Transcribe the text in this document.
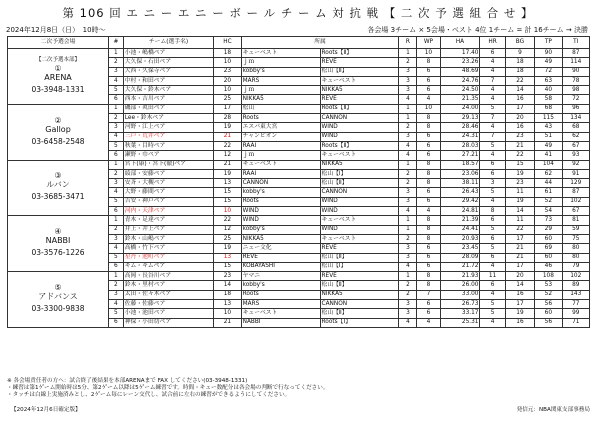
第 106 回 エ ニ ー エ ニ ー ボ ー ル チ ー ム 対 抗 戦 【 二 次 予 選 組 合 せ 】
2024年12月8日（日）　10時～	各会場 3チーム × 5会場・ベスト 4位 1チーム = 計 16チーム → 決勝
二次予選会場	#	チーム(選手名)	HC	所属		R	WP	HA	HR	BG	TP	TI

【二次予選本部】
①
ARENA
03-3948-1331	1	小池・嶋橋ペア	18	キューベスト	Roots【Ⅱ】	1	10	17.40	6	9	90	87
	2	大久保・石田ペア	10	ｊｍ	REVE	2	8	23.26	4	18	49	114
	3	大西・久保寺ペア	23	kobby's	松山【Ⅱ】	3	6	48.69	4	18	72	90
	4	中村・和田ペア	20	MARS	キューベスト	3	6	24.76	7	22	63	78
	5	大久保・鈴木ペア	10	ｊｍ	NIKKA5	3	6	24.50	4	14	40	98
	6	西本・吉川ペア	25	NIKKA5	REVE	4	4	21.35	4	16	58	72

②
Gallop
03-6458-2548	1	磯部・眞田ペア	17	松山	Roots【Ⅱ】	1	10	24.00	5	17	68	96
	2	Lee・鈴木ペア	28	Roots	CANNON	1	8	29.13	7	20	115	134
	3	河野・江上ペア	19	エスパ東大宮	WIND	2	8	28.46	4	16	43	68
	4	三戸・荒井ペア	21	チャンピオン	WIND	3	6	24.31	7	23	51	62
	5	秋葉・目時ペア	22	RAAI	Roots【Ⅱ】	4	6	28.03	5	21	49	67
	6	瀬野・巾ペア	12	ｊｍ	キューベスト	4	6	27.21	4	22	41	93

③
ルバン
03-3685-3471	1	宮下(康)・宮下(徹)ペア	21	キューベスト	NIKKA5	1	8	18.57	6	15	104	92
	2	綾部・安藤ペア	19	RAAI	松山【Ⅰ】	2	8	23.06	6	19	62	91
	3	安斉・大槻ペア	13	CANNON	松山【Ⅱ】	2	8	38.11	3	23	44	129
	4	大野・藤間ペア	15	kobby's	CANNON	3	6	26.43	5	11	61	87
	5	吉安・神戸ペア	15	Roots	WIND	3	6	29.42	4	19	52	102
	6	河内・天津ペア	10	WIND	WIND	4	4	24.81	8	14	54	67

④
NABBI
03-3576-1226	1	青木・足達ペア	22	WIND	キューベスト	1	8	21.39	6	11	73	81
	2	井上・井上ペア	12	kobby's	WIND	1	8	24.41	5	22	29	59
	3	鈴木・山嶋ペア	25	NIKKA5	キューベスト	2	8	20.93	6	17	60	75
	4	高橋・竹下ペア	19	ニュー文化	REVE	3	6	23.45	5	21	69	80
	5	星丹・池町ペア	13	REVE	松山【Ⅱ】	3	6	28.09	6	21	60	80
	6	キム・キムペア	15	KOBAYASHI	松山【Ⅰ】	4	6	21.72	4	17	46	79

⑤
アドバンス
03-3300-9838	1	高岡・長谷川ペア	23	ヤマニ	REVE	1	8	21.93	11	20	108	102
	2	鈴木・里村ペア	14	kobby's	松山【Ⅱ】	2	8	26.00	6	14	53	89
	3	太田・佐々木ペア	18	Roots	NIKKA5	2	7	33.00	4	16	52	143
	4	佐藤・佐藤ペア	13	MARS	CANNON	3	6	26.73	5	17	56	77
	5	小池・池田ペア	10	キューベスト	松山【Ⅱ】	3	6	33.17	5	19	60	99
	6	神保・小田切ペア	21	NABBI	Roots【Ⅰ】	4	4	25.31	4	16	56	71
※ 各会場責任者の方へ：試合終了後結果を本部ARENAまで FAX してください(03-3948-1331)
・練習は第1ゲーム開始時は5分、第2ゲーム以降は5ゲーム練習です。時間・キュー数配分は各会場の判断で行なってください。
・タッチは白線上実施済みとし、2ゲーム毎にレーン交代し、試合前に左右の練習ができるようにしてください。
【2024年12月6日確定版】	発信元：NBA関東支部事務局
